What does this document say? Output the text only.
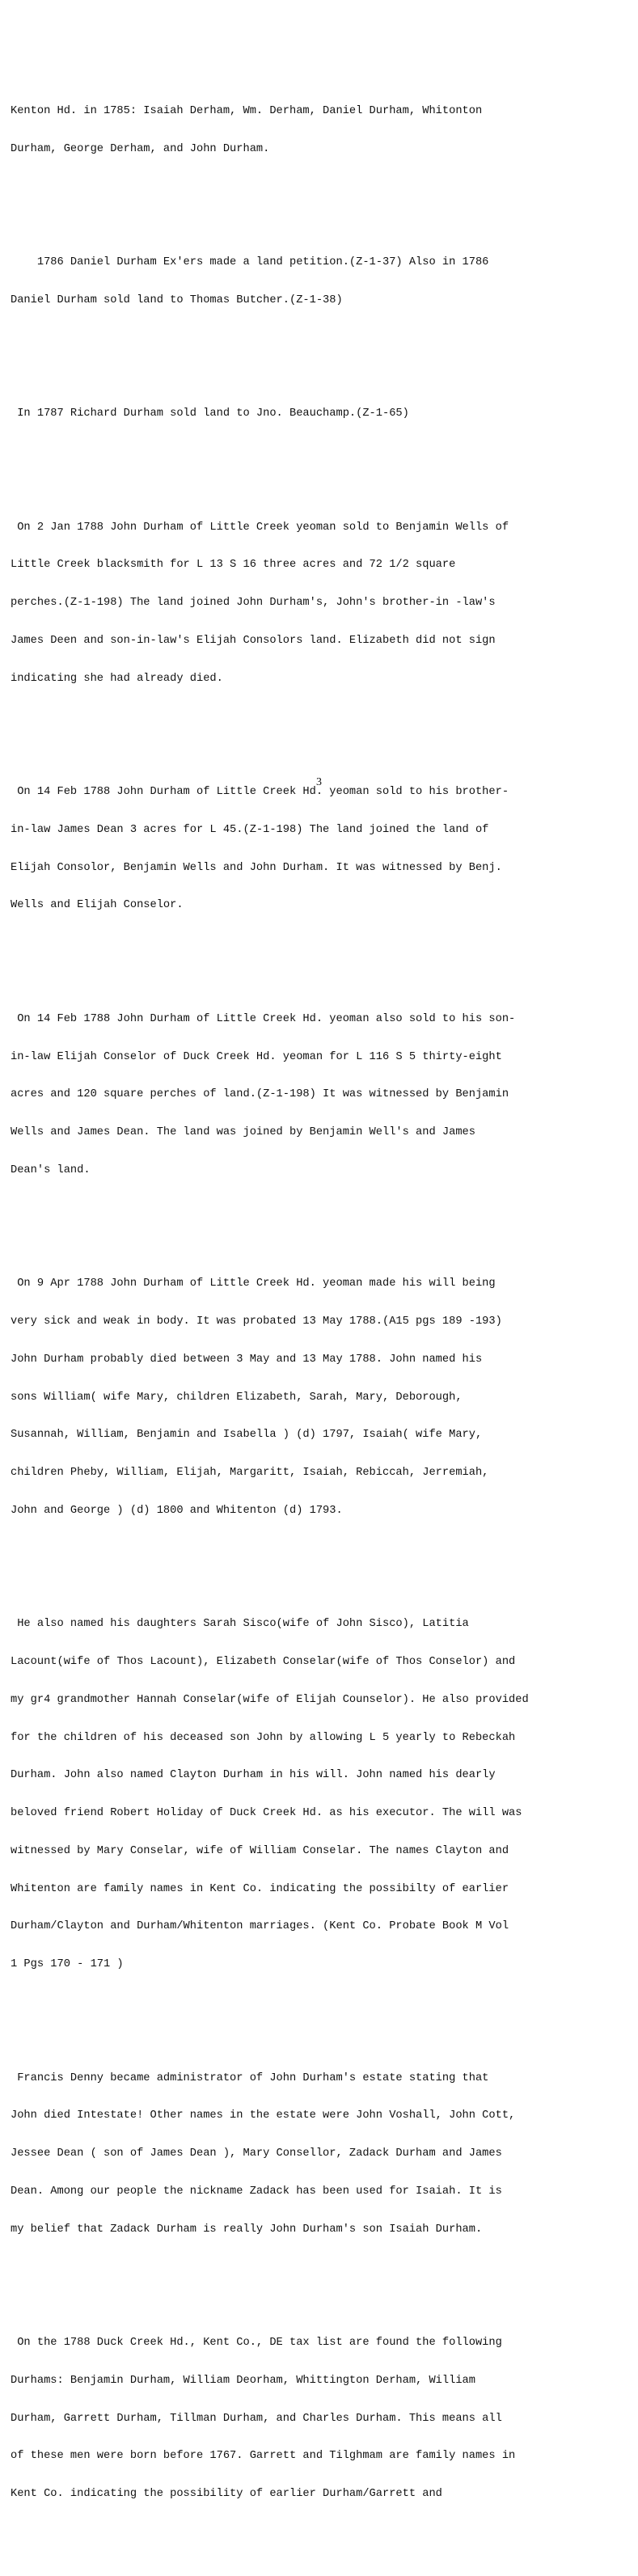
Kenton Hd. in 1785: Isaiah Derham, Wm. Derham, Daniel Durham, Whitonton

Durham, George Derham, and John Durham.

1786 Daniel Durham Ex'ers made a land petition.(Z-1-37) Also in 1786

Daniel Durham sold land to Thomas Butcher.(Z-1-38)

In 1787 Richard Durham sold land to Jno. Beauchamp.(Z-1-65)

On 2 Jan 1788 John Durham of Little Creek yeoman sold to Benjamin Wells of

Little Creek blacksmith for L 13 S 16 three acres and 72 1/2 square

perches.(Z-1-198) The land joined John Durham's, John's brother-in -law's

James Deen and son-in-law's Elijah Consolors land. Elizabeth did not sign

indicating she had already died.

On 14 Feb 1788 John Durham of Little Creek Hd. yeoman sold to his brother-

in-law James Dean 3 acres for L 45.(Z-1-198) The land joined the land of

Elijah Consolor, Benjamin Wells and John Durham. It was witnessed by Benj.

Wells and Elijah Conselor.

On 14 Feb 1788 John Durham of Little Creek Hd. yeoman also sold to his son-

in-law Elijah Conselor of Duck Creek Hd. yeoman for L 116 S 5 thirty-eight

acres and 120 square perches of land.(Z-1-198) It was witnessed by Benjamin

Wells and James Dean. The land was joined by Benjamin Well's and James

Dean's land.

On 9 Apr 1788 John Durham of Little Creek Hd. yeoman made his will being

very sick and weak in body. It was probated 13 May 1788.(A15 pgs 189 -193)

John Durham probably died between 3 May and 13 May 1788. John named his

sons William( wife Mary, children Elizabeth, Sarah, Mary, Deborough,

Susannah, William, Benjamin and Isabella ) (d) 1797, Isaiah( wife Mary,

children Pheby, William, Elijah, Margaritt, Isaiah, Rebiccah, Jerremiah,

John and George ) (d) 1800 and Whitenton (d) 1793.

He also named his daughters Sarah Sisco(wife of John Sisco), Latitia

Lacount(wife of Thos Lacount), Elizabeth Conselar(wife of Thos Conselor) and

my gr4 grandmother Hannah Conselar(wife of Elijah Counselor). He also provided

for the children of his deceased son John by allowing L 5 yearly to Rebeckah

Durham. John also named Clayton Durham in his will. John named his dearly

beloved friend Robert Holiday of Duck Creek Hd. as his executor. The will was

witnessed by Mary Conselar, wife of William Conselar. The names Clayton and

Whitenton are family names in Kent Co. indicating the possibilty of earlier

Durham/Clayton and Durham/Whitenton marriages. (Kent Co. Probate Book M Vol

1 Pgs 170 - 171 )

Francis Denny became administrator of John Durham's estate stating that

John died Intestate! Other names in the estate were John Voshall, John Cott,

Jessee Dean ( son of James Dean ), Mary Consellor, Zadack Durham and James

Dean. Among our people the nickname Zadack has been used for Isaiah. It is

my belief that Zadack Durham is really John Durham's son Isaiah Durham.

On the 1788 Duck Creek Hd., Kent Co., DE tax list are found the following

Durhams: Benjamin Durham, William Deorham, Whittington Derham, William

Durham, Garrett Durham, Tillman Durham, and Charles Durham. This means all

of these men were born before 1767. Garrett and Tilghmam are family names in

Kent Co. indicating the possibility of earlier Durham/Garrett and

3
